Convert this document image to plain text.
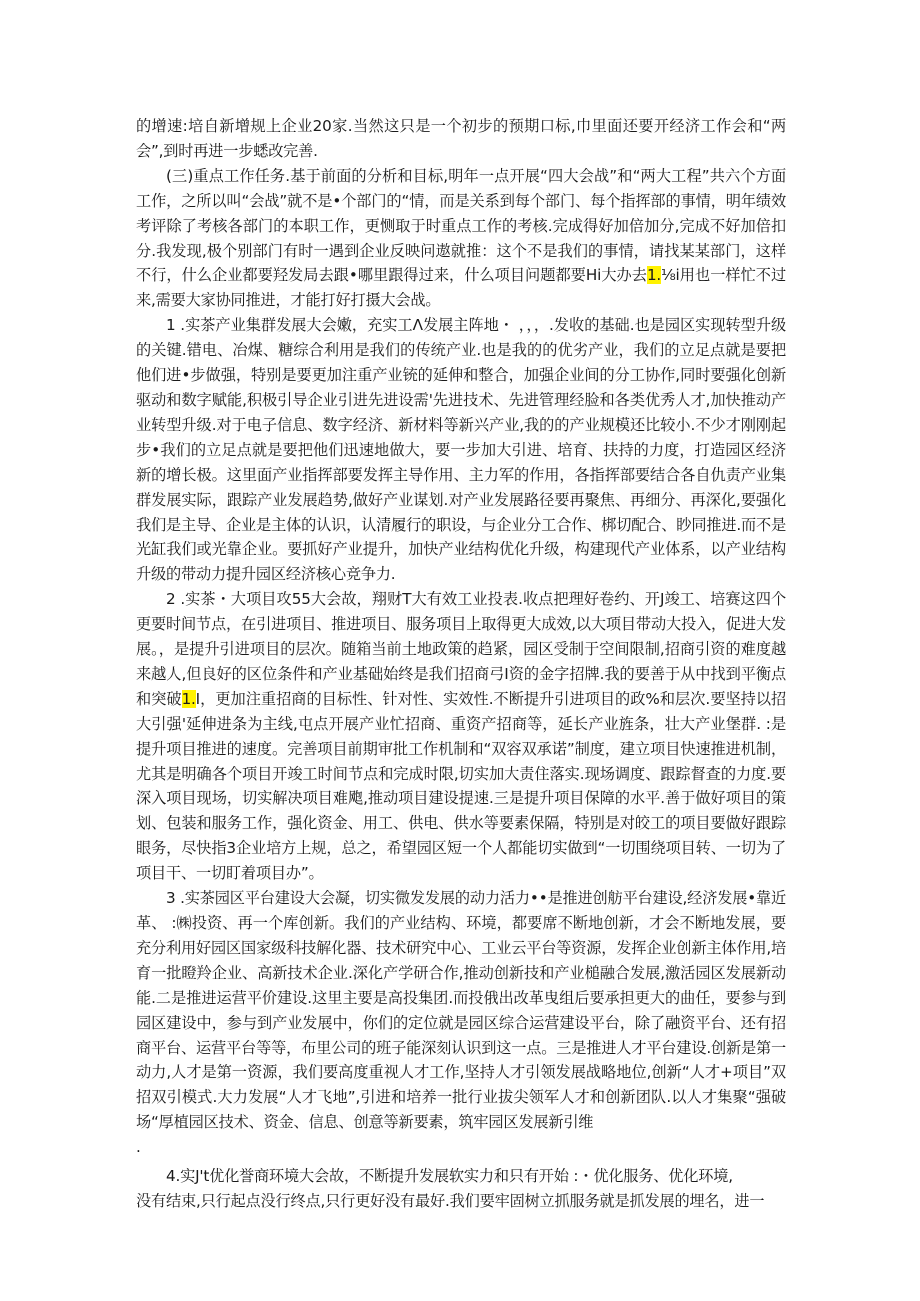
的增速:培自新增规上企业20家.当然这只是一个初步的预期口标,巾里面还要开经济工作会和“两会”,到时再进一步蟋改完善.

(三)重点工作任务.基于前面的分析和目标,明年一点开展“四大会战”和“两大工程”共六个方面工作，之所以叫“会战”就不是•个部门的“情，而是关系到每个部门、每个指挥部的事情，明年绩效考评除了考核各部门的本职工作，更恻取于时重点工作的考核.完成得好加倍加分,完成不好加倍扣分.我发现,极个别部门有时一遇到企业反映问遨就推：这个不是我们的事情，请找某某部门，这样不行，什么企业都要羟发局去跟•哪里跟得过来，什么项目问题都要Hi大办去1.⅛i用也一样忙不过来,需要大家协同推进，才能打好打摄大会战。

1 .实茶产业集群发展大会嫩，充实工Λ发展主阵地・ ，，，.发收的基础.也是园区实现转型升级的关键.错电、冶煤、糖综合利用是我们的传统产业.也是我的的优劣产业，我们的立足点就是要把他们进•步做强，特别是要更加注重产业铳的延伸和整合，加强企业间的分工协作,同时要强化创新驱动和数字赋能,积极引导企业引进先进设需'先进技术、先进管理经脸和各类优秀人才,加快推动产业转型升级.对于电子信息、数字经济、新材料等新兴产业,我的的产业规模还比较小.不少才刚刚起步•我们的立足点就是要把他们迅速地做大，要一步加大引进、培育、扶持的力度，打造园区经济新的增长极。这里面产业指挥部要发挥主导作用、主力军的作用，各指挥部要结合各自仇责产业集群发展实际，跟踪产业发展趋势,做好产业谋划.对产业发展路径要再聚焦、再细分、再深化,要强化我们是主导、企业是主体的认识，认清履行的职设，与企业分工合作、梆切配合、眇同推进.而不是光缸我们或光靠企业。要抓好产业提升，加快产业结构优化升级，构建现代产业体系，以产业结构升级的带动力提升园区经济核心竞争力.

2 .实茶・大项目攻55大会故，翔财T大有效工业投表.收点把理好卷约、开J竣工、培赛这四个更要时间节点，在引进项目、推进项目、服务项目上取得更大成效,以大项目带动大投入，促进大发展。，是提升引进项目的层次。随箱当前土地政策的趋紧，园区受制于空间限制,招商引资的难度越来越人,但良好的区位条件和产业基础始终是我们招商弓I资的金字招牌.我的要善于从中找到平衡点和突破1.I，更加注重招商的目标性、针对性、实效性.不断提升引进项目的政%和层次.要坚持以招大引强'延伸进条为主线,屯点开展产业忙招商、重资产招商等，延长产业旌条，壮大产业堡群. :是提升项目推进的速度。完善项目前期审批工作机制和“双容双承诺”制度，建立项目快速推进机制，尤其是明确各个项目开竣工时间节点和完成时限,切实加大责住落实.现场调度、跟踪督查的力度.要深入项目现场，切实解决项目难飑,推动项目建设提速.三是提升项目保障的水平.善于做好项目的策划、包装和服务工作，强化资金、用工、供电、供水等要素保隔，特别是对皎工的项目要做好跟踪眼务，尽快指3企业培方上规，总之，希望园区短一个人都能切实做到“一切围绕项目转、一切为了项目干、一切盯着项目办”。

3 .实茶园区平台建设大会凝，切实微发发展的动力活力••是推进创舫平台建设,经济发展•靠近革、 :㈱投资、再一个库创新。我们的产业结构、环境，都要席不断地创新，才会不断地发展，要充分利用好园区国家级科技解化器、技术研究中心、工业云平台等资源，发挥企业创新主体作用,培育一批瞪羚企业、高新技术企业.深化产学研合作,推动创新技和产业槌融合发展,激活园区发展新动能.二是推进运营平价建设.这里主要是高投集团.而投俄出改革曳组后要承担更大的曲任，要参与到园区建设中，参与到产业发展中，你们的定位就是园区综合运营建设平台，除了融资平台、还有招商平台、运营平台等等，布里公司的班子能深刻认识到这一点。三是推进人才平台建设.创新是第一动力,人才是第一资源，我们要高度重视人才工作,坚持人才引领发展战略地位,创新“人才+项目”双招双引模式.大力发展“人才飞地”,引进和培养一批行业拔尖领军人才和创新团队.以人才集聚“强破场“厚植园区技术、资金、信息、创意等新要素，筑牢园区发展新引维

.

4.实J't优化誉商环境大会故，不断提升发展软实力和只有开始 :・优化服务、优化环境,

没有结束,只行起点没行终点,只行更好没有最好.我们要牢固树立抓服务就是抓发展的埋名，进一
